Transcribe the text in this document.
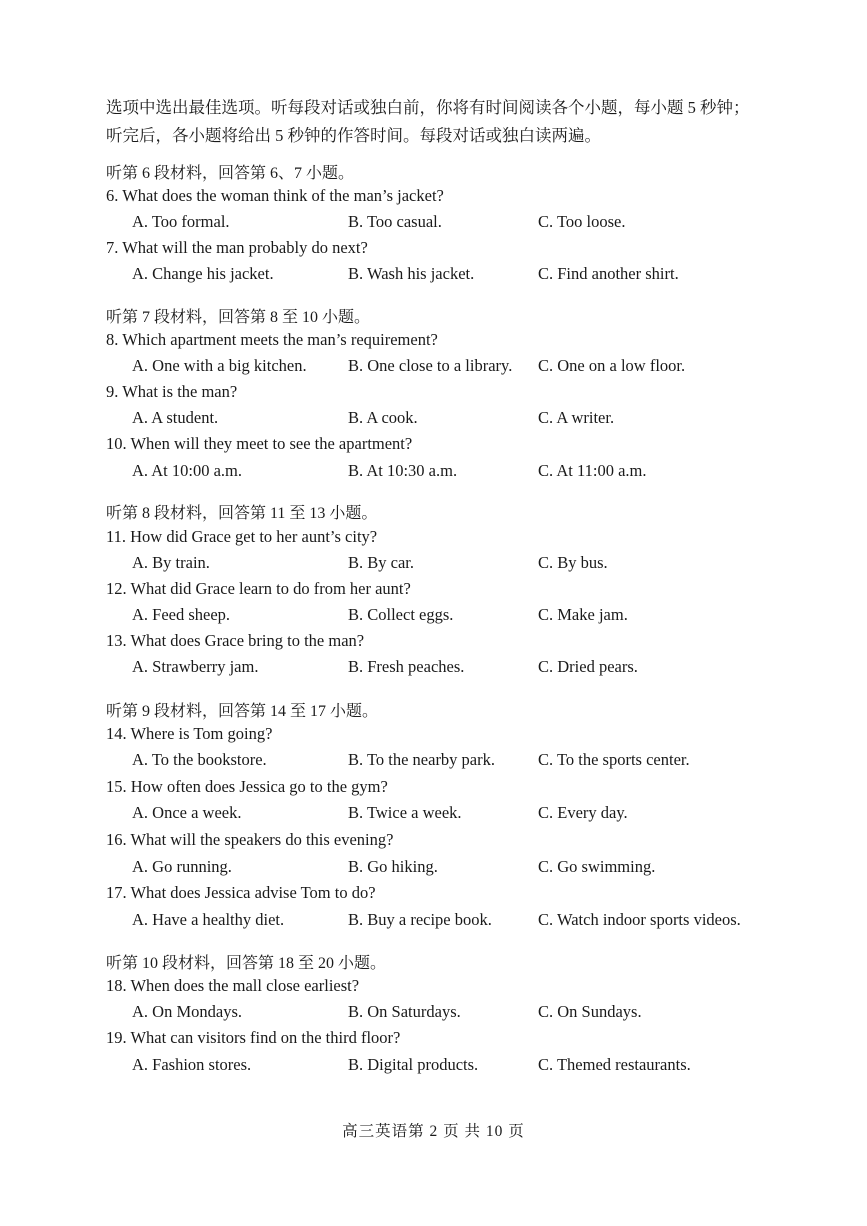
选项中选出最佳选项。听每段对话或独白前，你将有时间阅读各个小题，每小题 5 秒钟；

听完后，各小题将给出 5 秒钟的作答时间。每段对话或独白读两遍。

听第 6 段材料，回答第 6、7 小题。
6. What does the woman think of the man’s jacket?
A. Too formal.	B. Too casual.	C. Too loose.
7. What will the man probably do next?
A. Change his jacket.	B. Wash his jacket.	C. Find another shirt.
听第 7 段材料，回答第 8 至 10 小题。
8. Which apartment meets the man’s requirement?
A. One with a big kitchen.	B. One close to a library. C. One on a low floor.
9. What is the man?
A. A student.	B. A cook.	C. A writer.
10. When will they meet to see the apartment?
A. At 10:00 a.m.	B. At 10:30 a.m.	C. At 11:00 a.m.
听第 8 段材料，回答第 11 至 13 小题。
11. How did Grace get to her aunt’s city?
A. By train.	B. By car.	C. By bus.
12. What did Grace learn to do from her aunt?
A. Feed sheep.	B. Collect eggs.	C. Make jam.
13. What does Grace bring to the man?
A. Strawberry jam.	B. Fresh peaches.	C. Dried pears.
听第 9 段材料，回答第 14 至 17 小题。
14. Where is Tom going?
A. To the bookstore.	B. To the nearby park.	C. To the sports center.
15. How often does Jessica go to the gym?
A. Once a week.	B. Twice a week.	C. Every day.
16. What will the speakers do this evening?
A. Go running.	B. Go hiking.	C. Go swimming.
17. What does Jessica advise Tom to do?
A. Have a healthy diet.	B. Buy a recipe book.	C. Watch indoor sports videos.
听第 10 段材料，回答第 18 至 20 小题。
18. When does the mall close earliest?
A. On Mondays.	B. On Saturdays.	C. On Sundays.
19. What can visitors find on the third floor?
A. Fashion stores.	B. Digital products.	C. Themed restaurants.
高三英语第 2 页 共 10 页
